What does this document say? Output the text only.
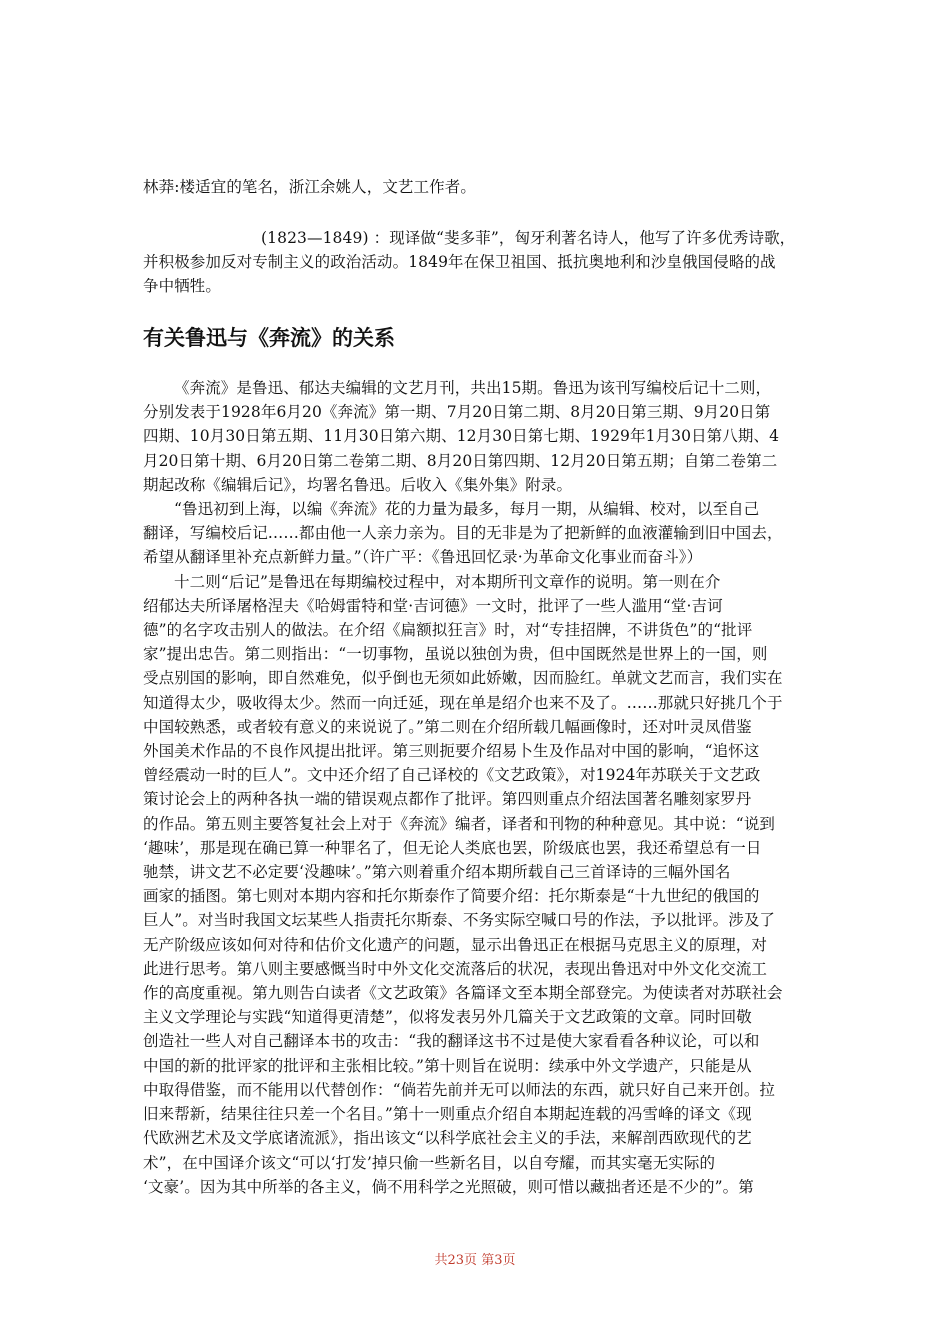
林莽:楼适宜的笔名，浙江余姚人，文艺工作者。
(1823—1849) ：现译做“斐多菲”，匈牙利著名诗人，他写了许多优秀诗歌，
并积极参加反对专制主义的政治活动。1849年在保卫祖国、抵抗奥地利和沙皇俄国侵略的战
争中牺牲。
有关鲁迅与《奔流》的关系
《奔流》是鲁迅、郁达夫编辑的文艺月刊，共出15期。鲁迅为该刊写编校后记十二则，
分别发表于1928年6月20《奔流》第一期、7月20日第二期、8月20日第三期、9月20日第
四期、10月30日第五期、11月30日第六期、12月30日第七期、1929年1月30日第八期、4
月20日第十期、6月20日第二卷第二期、8月20日第四期、12月20日第五期；自第二卷第二
期起改称《编辑后记》，均署名鲁迅。后收入《集外集》附录。
“鲁迅初到上海，以编《奔流》花的力量为最多，每月一期，从编辑、校对，以至自己
翻译，写编校后记……都由他一人亲力亲为。目的无非是为了把新鲜的血液灌输到旧中国去，
希望从翻译里补充点新鲜力量。”（许广平：《鲁迅回忆录·为革命文化事业而奋斗》）
十二则“后记”是鲁迅在每期编校过程中，对本期所刊文章作的说明。第一则在介
绍郁达夫所译屠格涅夫《哈姆雷特和堂·吉诃德》一文时，批评了一些人滥用“堂·吉诃
德”的名字攻击别人的做法。在介绍《扁额拟狂言》时，对“专挂招牌，不讲货色”的“批评
家”提出忠告。第二则指出：“一切事物，虽说以独创为贵，但中国既然是世界上的一国，则
受点别国的影响，即自然难免，似乎倒也无须如此娇嫩，因而脸红。单就文艺而言，我们实在
知道得太少，吸收得太少。然而一向迁延，现在单是绍介也来不及了。……那就只好挑几个于
中国较熟悉，或者较有意义的来说说了。”第二则在介绍所载几幅画像时，还对叶灵凤借鉴
外国美术作品的不良作风提出批评。第三则扼要介绍易卜生及作品对中国的影响，“追怀这
曾经震动一时的巨人”。文中还介绍了自己译校的《文艺政策》，对1924年苏联关于文艺政
策讨论会上的两种各执一端的错误观点都作了批评。第四则重点介绍法国著名雕刻家罗丹
的作品。第五则主要答复社会上对于《奔流》编者，译者和刊物的种种意见。其中说：“说到
‘趣味’，那是现在确已算一种罪名了，但无论人类底也罢，阶级底也罢，我还希望总有一日
驰禁，讲文艺不必定要‘没趣味’。”第六则着重介绍本期所载自己三首译诗的三幅外国名
画家的插图。第七则对本期内容和托尔斯泰作了简要介绍：托尔斯泰是“十九世纪的俄国的
巨人”。对当时我国文坛某些人指责托尔斯泰、不务实际空喊口号的作法，予以批评。涉及了
无产阶级应该如何对待和估价文化遗产的问题，显示出鲁迅正在根据马克思主义的原理，对
此进行思考。第八则主要感慨当时中外文化交流落后的状况，表现出鲁迅对中外文化交流工
作的高度重视。第九则告白读者《文艺政策》各篇译文至本期全部登完。为使读者对苏联社会
主义文学理论与实践“知道得更清楚”，似将发表另外几篇关于文艺政策的文章。同时回敬
创造社一些人对自己翻译本书的攻击：“我的翻译这书不过是使大家看看各种议论，可以和
中国的新的批评家的批评和主张相比较。”第十则旨在说明：续承中外文学遗产，只能是从
中取得借鉴，而不能用以代替创作：“倘若先前并无可以师法的东西，就只好自己来开创。拉
旧来帮新，结果往往只差一个名目。”第十一则重点介绍自本期起连载的冯雪峰的译文《现
代欧洲艺术及文学底诸流派》，指出该文“以科学底社会主义的手法，来解剖西欧现代的艺
术”，在中国译介该文“可以‘打发’掉只偷一些新名目，以自夸耀，而其实毫无实际的
‘文豪’。因为其中所举的各主义，倘不用科学之光照破，则可惜以藏拙者还是不少的”。第
共23页 第3页
